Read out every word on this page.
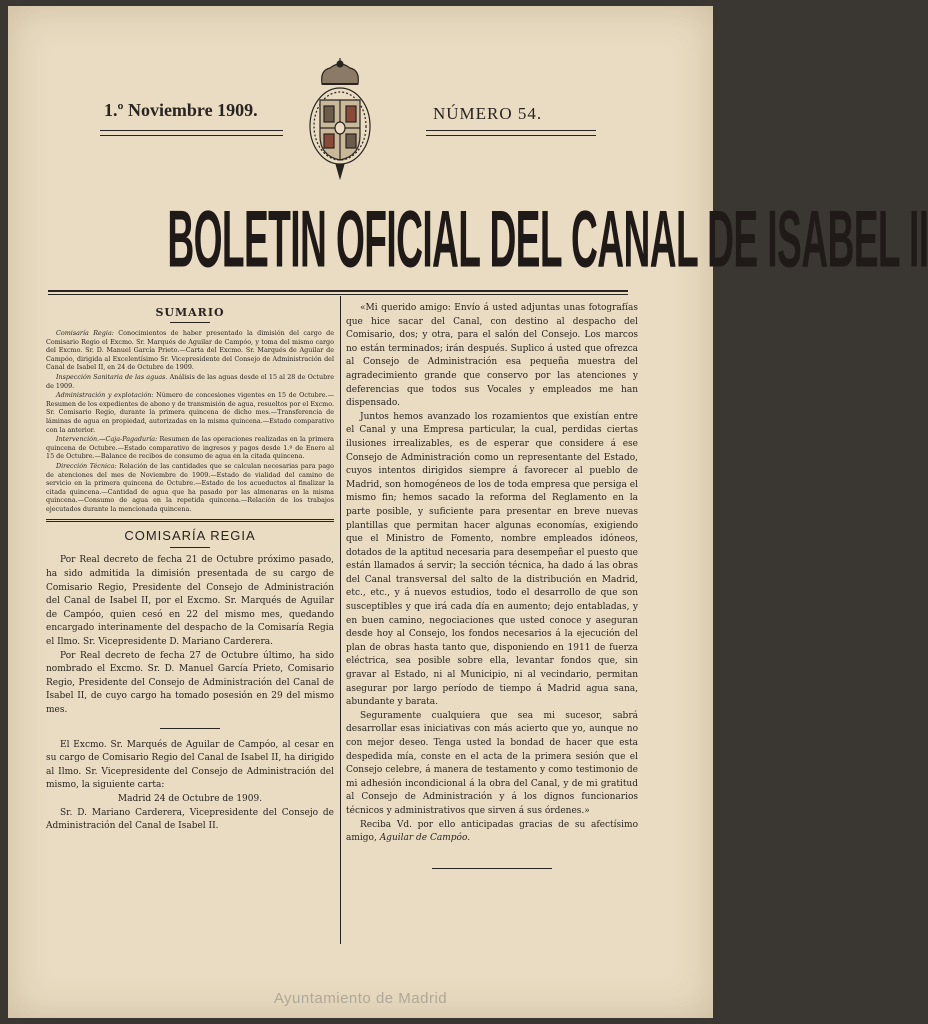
1.º Noviembre 1909.	NÚMERO 54.
BOLETIN OFICIAL DEL CANAL DE ISABEL II
SUMARIO

Comisaría Regia: Conocimientos de haber presentado la dimisión del cargo de Comisario Regio el Excmo. Sr. Marqués de Aguilar de Campóo, y toma del mismo cargo del Excmo. Sr. D. Manuel García Prieto.—Carta del Excmo. Sr. Marqués de Aguilar de Campóo, dirigida al Excelentísimo Sr. Vicepresidente del Consejo de Administración del Canal de Isabel II, en 24 de Octubre de 1909.

Inspección Sanitaria de las aguas. Análisis de las aguas desde el 15 al 28 de Octubre de 1909.

Administración y explotación: Número de concesiones vigentes en 15 de Octubre.—Resumen de los expedientes de abono y de transmisión de agua, resueltos por el Excmo. Sr. Comisario Regio, durante la primera quincena de dicho mes.—Transferencia de láminas de agua en propiedad, autorizadas en la misma quincena.—Estado comparativo con la anterior.

Intervención.—Caja-Pagaduría: Resumen de las operaciones realizadas en la primera quincena de Octubre.—Estado comparativo de ingresos y pagos desde 1.º de Enero al 15 de Octubre.—Balance de recibos de consumo de agua en la citada quincena.

Dirección Técnica: Relación de las cantidades que se calculan necesarias para pago de atenciones del mes de Noviembre de 1909.—Estado de vialidad del camino de servicio en la primera quincena de Octubre.—Estado de los acueductos al finalizar la citada quincena.—Cantidad de agua que ha pasado por las almenaras en la misma quincena.—Consumo de agua en la repetida quincena.—Relación de los trabajos ejecutados durante la mencionada quincena.

COMISARÍA REGIA

Por Real decreto de fecha 21 de Octubre próximo pasado, ha sido admitida la dimisión presentada de su cargo de Comisario Regio, Presidente del Consejo de Administración del Canal de Isabel II, por el Excmo. Sr. Marqués de Aguilar de Campóo, quien cesó en 22 del mismo mes, quedando encargado interinamente del despacho de la Comisaría Regia el Ilmo. Sr. Vicepresidente D. Mariano Carderera.

Por Real decreto de fecha 27 de Octubre último, ha sido nombrado el Excmo. Sr. D. Manuel García Prieto, Comisario Regio, Presidente del Consejo de Administración del Canal de Isabel II, de cuyo cargo ha tomado posesión en 29 del mismo mes.

El Excmo. Sr. Marqués de Aguilar de Campóo, al cesar en su cargo de Comisario Regio del Canal de Isabel II, ha dirigido al Ilmo. Sr. Vicepresidente del Consejo de Administración del mismo, la siguiente carta:

Madrid 24 de Octubre de 1909.

Sr. D. Mariano Carderera, Vicepresidente del Consejo de Administración del Canal de Isabel II.

«Mi querido amigo: Envío á usted adjuntas unas fotografías que hice sacar del Canal, con destino al despacho del Comisario, dos; y otra, para el salón del Consejo. Los marcos no están terminados; irán después. Suplico á usted que ofrezca al Consejo de Administración esa pequeña muestra del agradecimiento grande que conservo por las atenciones y deferencias que todos sus Vocales y empleados me han dispensado.

Juntos hemos avanzado los rozamientos que existían entre el Canal y una Empresa particular, la cual, perdidas ciertas ilusiones irrealizables, es de esperar que considere á ese Consejo de Administración como un representante del Estado, cuyos intentos dirigidos siempre á favorecer al pueblo de Madrid, son homogéneos de los de toda empresa que persiga el mismo fin; hemos sacado la reforma del Reglamento en la parte posible, y suficiente para presentar en breve nuevas plantillas que permitan hacer algunas economías, exigiendo que el Ministro de Fomento, nombre empleados idóneos, dotados de la aptitud necesaria para desempeñar el puesto que están llamados á servir; la sección técnica, ha dado á las obras del Canal transversal del salto de la distribución en Madrid, etc., etc., y á nuevos estudios, todo el desarrollo de que son susceptibles y que irá cada día en aumento; dejo entabladas, y en buen camino, negociaciones que usted conoce y aseguran desde hoy al Consejo, los fondos necesarios á la ejecución del plan de obras hasta tanto que, disponiendo en 1911 de fuerza eléctrica, sea posible sobre ella, levantar fondos que, sin gravar al Estado, ni al Municipio, ni al vecindario, permitan asegurar por largo período de tiempo á Madrid agua sana, abundante y barata.

Seguramente cualquiera que sea mi sucesor, sabrá desarrollar esas iniciativas con más acierto que yo, aunque no con mejor deseo. Tenga usted la bondad de hacer que esta despedida mía, conste en el acta de la primera sesión que el Consejo celebre, á manera de testamento y como testimonio de mi adhesión incondicional á la obra del Canal, y de mi gratitud al Consejo de Administración y á los dignos funcionarios técnicos y administrativos que sirven á sus órdenes.»

Reciba Vd. por ello anticipadas gracias de su afectísimo amigo, Aguilar de Campóo.

Ayuntamiento de Madrid
